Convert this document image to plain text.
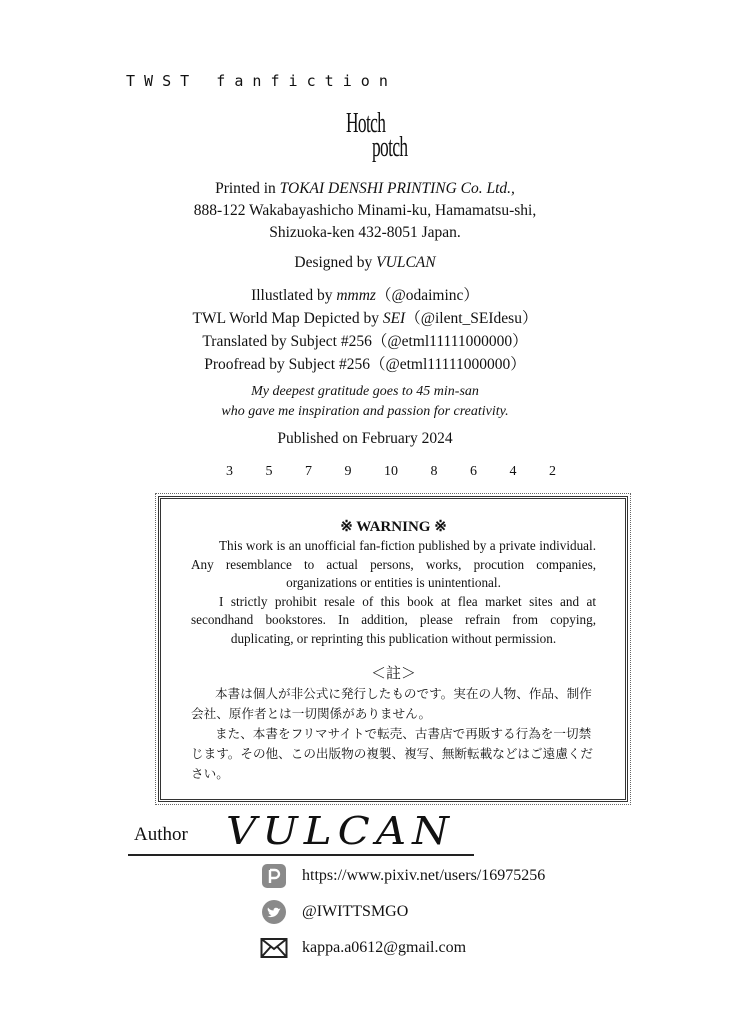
T W S T   f a n f i c t i o n
Hotch
potch
Printed in TOKAI DENSHI PRINTING Co. Ltd.,
888-122 Wakabayashicho Minami-ku, Hamamatsu-shi,
Shizuoka-ken 432-8051 Japan.
Designed by VULCAN
Illustlated by mmmz（@odaiminc）
TWL World Map Depicted by SEI（@ilent_SEIdesu）
Translated by Subject #256（@etml11111000000）
Proofread by Subject #256（@etml11111000000）
My deepest gratitude goes to 45 min-san
who gave me inspiration and passion for creativity.
Published on February 2024
3 5 7 9 10 8 6 4 2
※ WARNING ※

This work is an unofficial fan-fiction published by a private individual. Any resemblance to actual persons, works, procution companies, organizations or entities is unintentional.

I strictly prohibit resale of this book at flea market sites and at secondhand bookstores. In addition, please refrain from copying, duplicating, or reprinting this publication without permission.

＜註＞

本書は個人が非公式に発行したものです。実在の人物、作品、制作会社、原作者とは一切関係がありません。

また、本書をフリマサイトで転売、古書店で再販する行為を一切禁じます。その他、この出版物の複製、複写、無断転載などはご遠慮ください。

Author VULCAN
https://www.pixiv.net/users/16975256
@IWITTSMGO
kappa.a0612@gmail.com
